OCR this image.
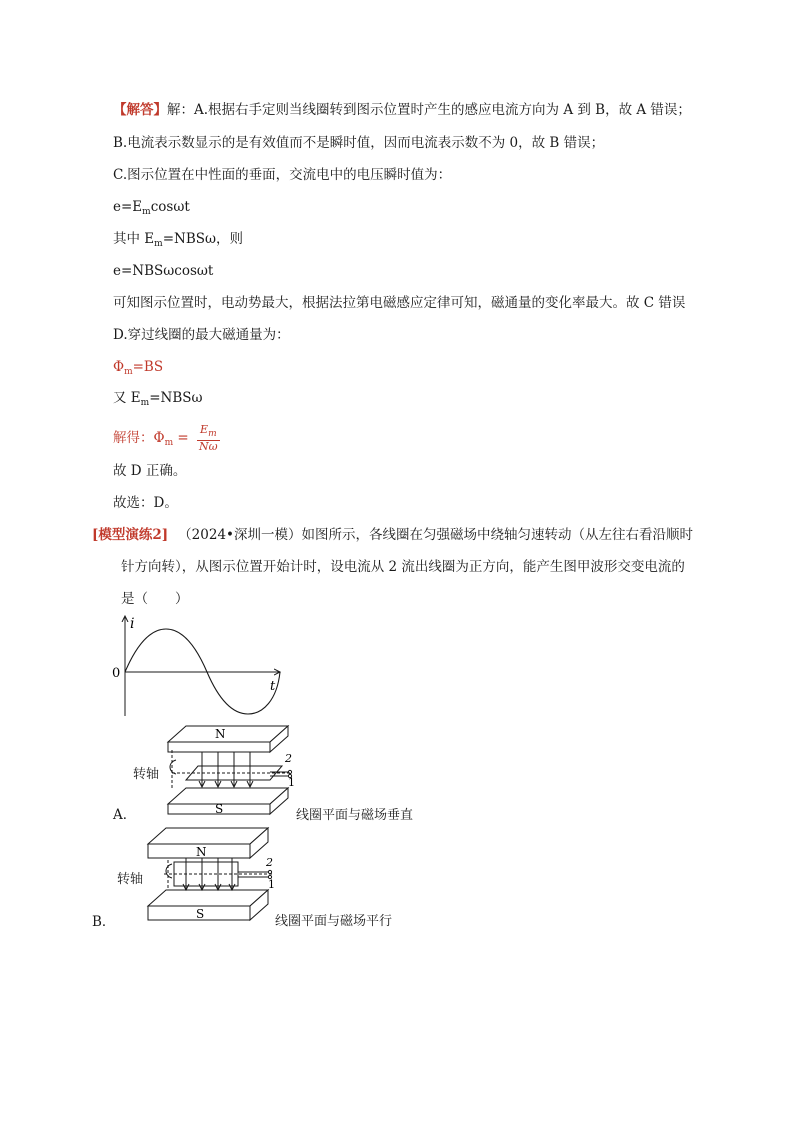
【解答】解：A.根据右手定则当线圈转到图示位置时产生的感应电流方向为 A 到 B，故 A 错误；
B.电流表示数显示的是有效值而不是瞬时值，因而电流表示数不为 0，故 B 错误；
C.图示位置在中性面的垂面，交流电中的电压瞬时值为：
$e=E_m\cos\omega t$
其中 $E_m=NBS\omega$，则
e=NBSωcosωt
可知图示位置时，电动势最大，根据法拉第电磁感应定律可知，磁通量的变化率最大。故 C 错误
D.穿过线圈的最大磁通量为：
$\Phi_m=BS$
又 $E_m=NBS\omega$
解得：$\Phi_m = \frac{E_m}{N\omega}$
故 D 正确。
故选：D。
[模型演练2] （2024•深圳一模）如图所示，各线圈在匀强磁场中绕轴匀速转动（从左往右看沿顺时
针方向转），从图示位置开始计时，设电流从 2 流出线圈为正方向，能产生图甲波形交变电流的
是（　　）
i
t
0
A．
N
S
2
1
转轴
线圈平面与磁场垂直
B．
N
S
2
1
转轴
线圈平面与磁场平行
